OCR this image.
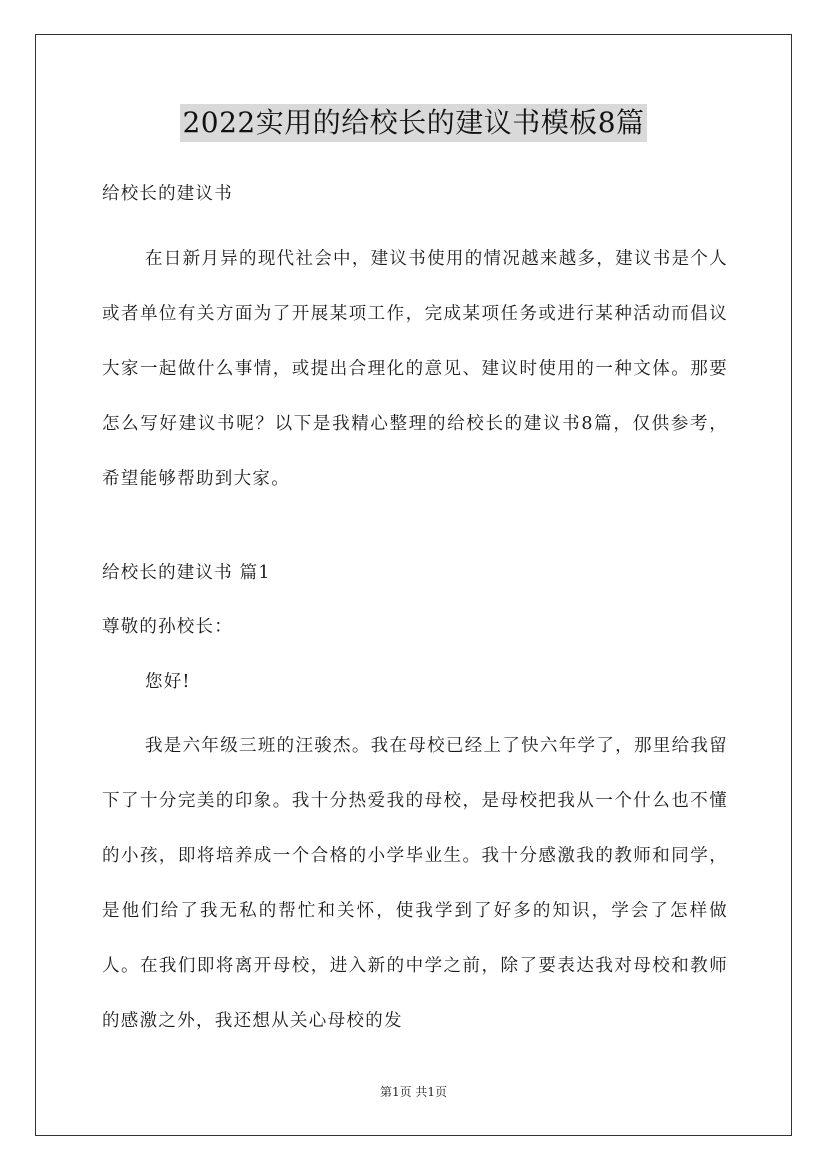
2022实用的给校长的建议书模板8篇
给校长的建议书

在日新月异的现代社会中，建议书使用的情况越来越多，建议书是个人或者单位有关方面为了开展某项工作，完成某项任务或进行某种活动而倡议大家一起做什么事情，或提出合理化的意见、建议时使用的一种文体。那要怎么写好建议书呢？以下是我精心整理的给校长的建议书8篇，仅供参考，希望能够帮助到大家。

给校长的建议书 篇1
尊敬的孙校长：
您好!

我是六年级三班的汪骏杰。我在母校已经上了快六年学了，那里给我留下了十分完美的印象。我十分热爱我的母校，是母校把我从一个什么也不懂的小孩，即将培养成一个合格的小学毕业生。我十分感激我的教师和同学，是他们给了我无私的帮忙和关怀，使我学到了好多的知识，学会了怎样做人。在我们即将离开母校，进入新的中学之前，除了要表达我对母校和教师的感激之外，我还想从关心母校的发

第1页 共1页
